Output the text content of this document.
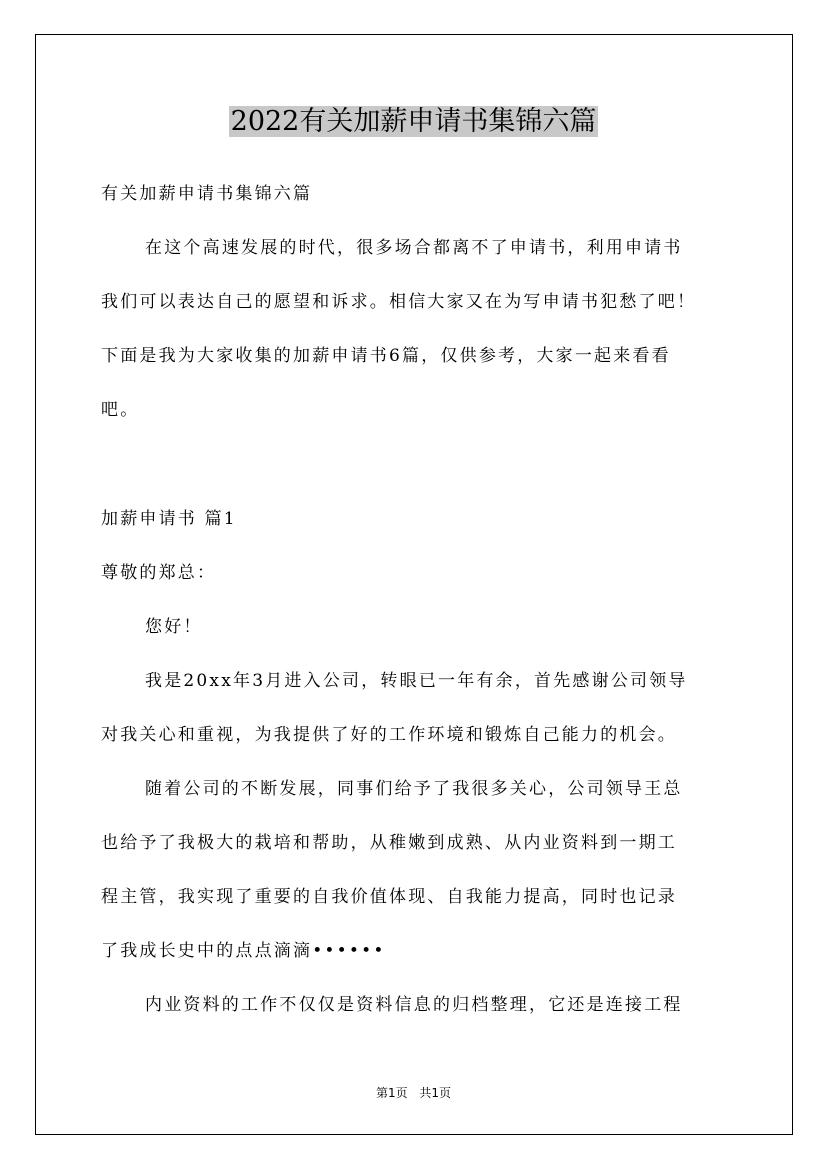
2022有关加薪申请书集锦六篇
有关加薪申请书集锦六篇
在这个高速发展的时代，很多场合都离不了申请书，利用申请书
我们可以表达自己的愿望和诉求。相信大家又在为写申请书犯愁了吧！
下面是我为大家收集的加薪申请书6篇，仅供参考，大家一起来看看
吧。
加薪申请书 篇1
尊敬的郑总：
您好！
我是20xx年3月进入公司，转眼已一年有余，首先感谢公司领导
对我关心和重视，为我提供了好的工作环境和锻炼自己能力的机会。
随着公司的不断发展，同事们给予了我很多关心，公司领导王总
也给予了我极大的栽培和帮助，从稚嫩到成熟、从内业资料到一期工
程主管，我实现了重要的自我价值体现、自我能力提高，同时也记录
了我成长史中的点点滴滴••••••
内业资料的工作不仅仅是资料信息的归档整理，它还是连接工程
第1页 共1页
